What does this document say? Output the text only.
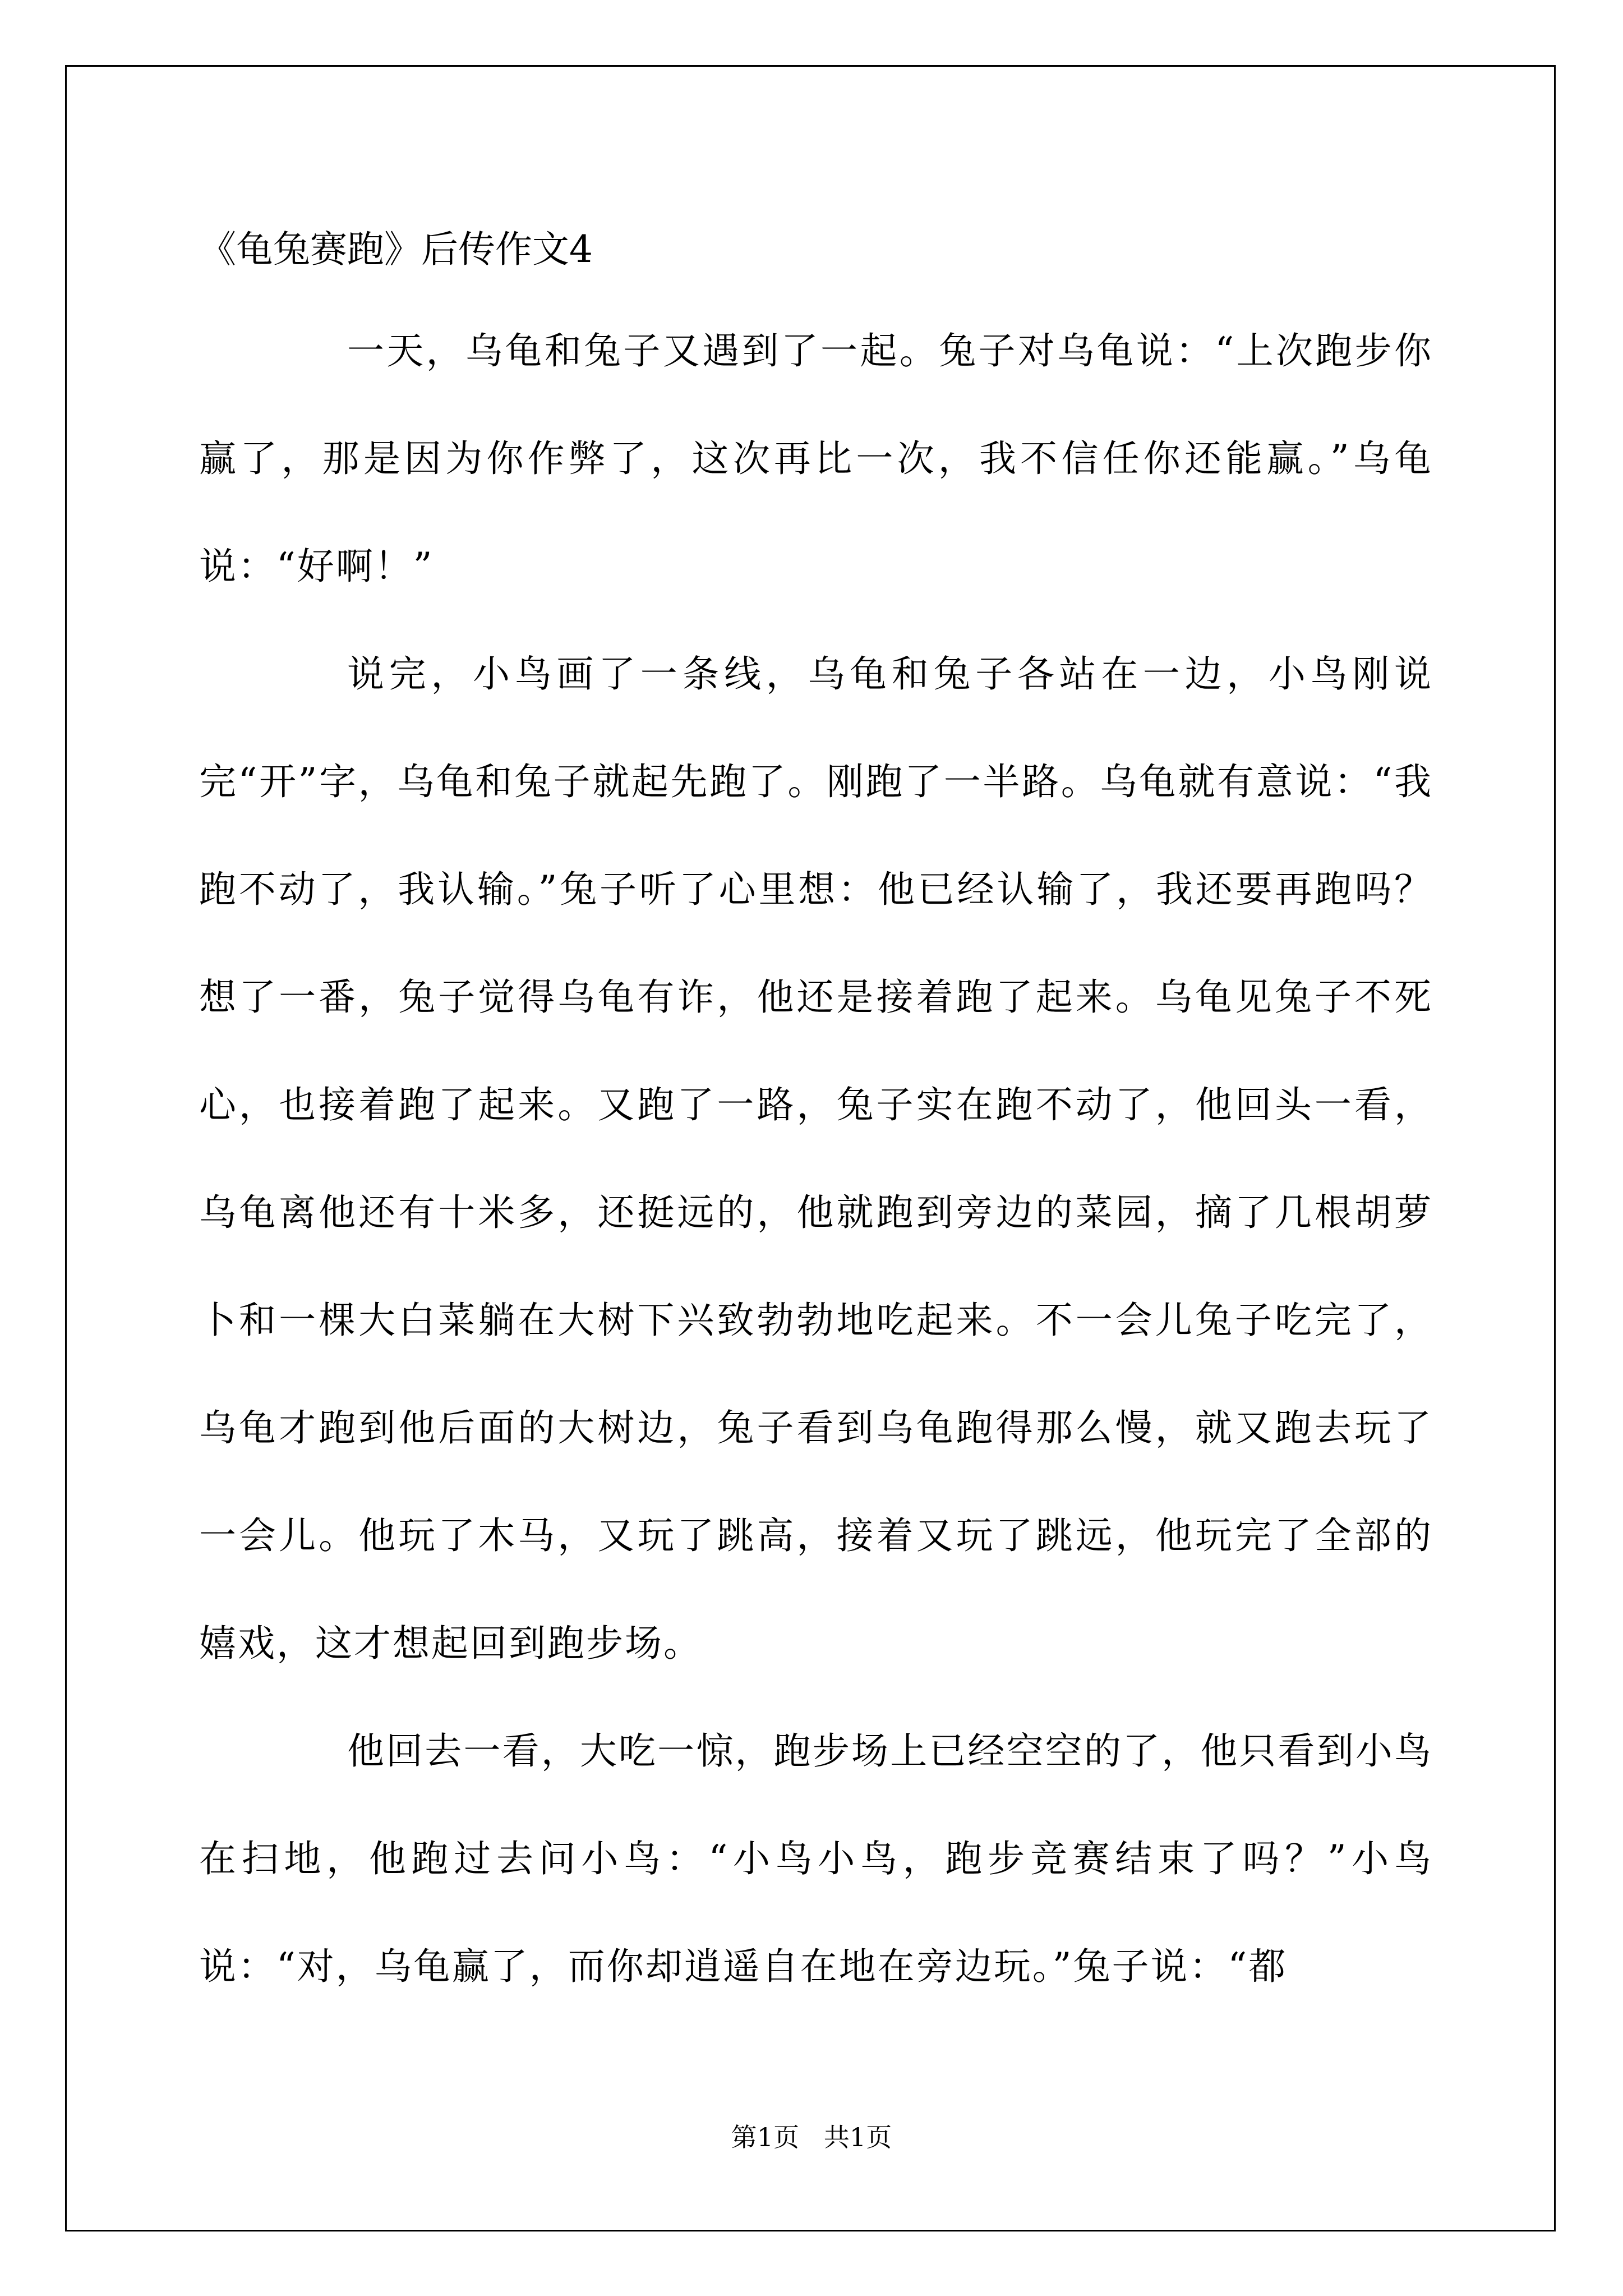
《龟兔赛跑》后传作文4

一天，乌龟和兔子又遇到了一起。兔子对乌龟说：“上次跑步你赢了，那是因为你作弊了，这次再比一次，我不信任你还能赢。”乌龟说：“好啊！”

说完，小鸟画了一条线，乌龟和兔子各站在一边，小鸟刚说完“开”字，乌龟和兔子就起先跑了。刚跑了一半路。乌龟就有意说：“我跑不动了，我认输。”兔子听了心里想：他已经认输了，我还要再跑吗？想了一番，兔子觉得乌龟有诈，他还是接着跑了起来。乌龟见兔子不死心，也接着跑了起来。又跑了一路，兔子实在跑不动了，他回头一看，乌龟离他还有十米多，还挺远的，他就跑到旁边的菜园，摘了几根胡萝卜和一棵大白菜躺在大树下兴致勃勃地吃起来。不一会儿兔子吃完了，乌龟才跑到他后面的大树边，兔子看到乌龟跑得那么慢，就又跑去玩了一会儿。他玩了木马，又玩了跳高，接着又玩了跳远，他玩完了全部的嬉戏，这才想起回到跑步场。

他回去一看，大吃一惊，跑步场上已经空空的了，他只看到小鸟在扫地，他跑过去问小鸟：“小鸟小鸟，跑步竞赛结束了吗？”小鸟说：“对，乌龟赢了，而你却逍遥自在地在旁边玩。”兔子说：“都

第1页   共1页
